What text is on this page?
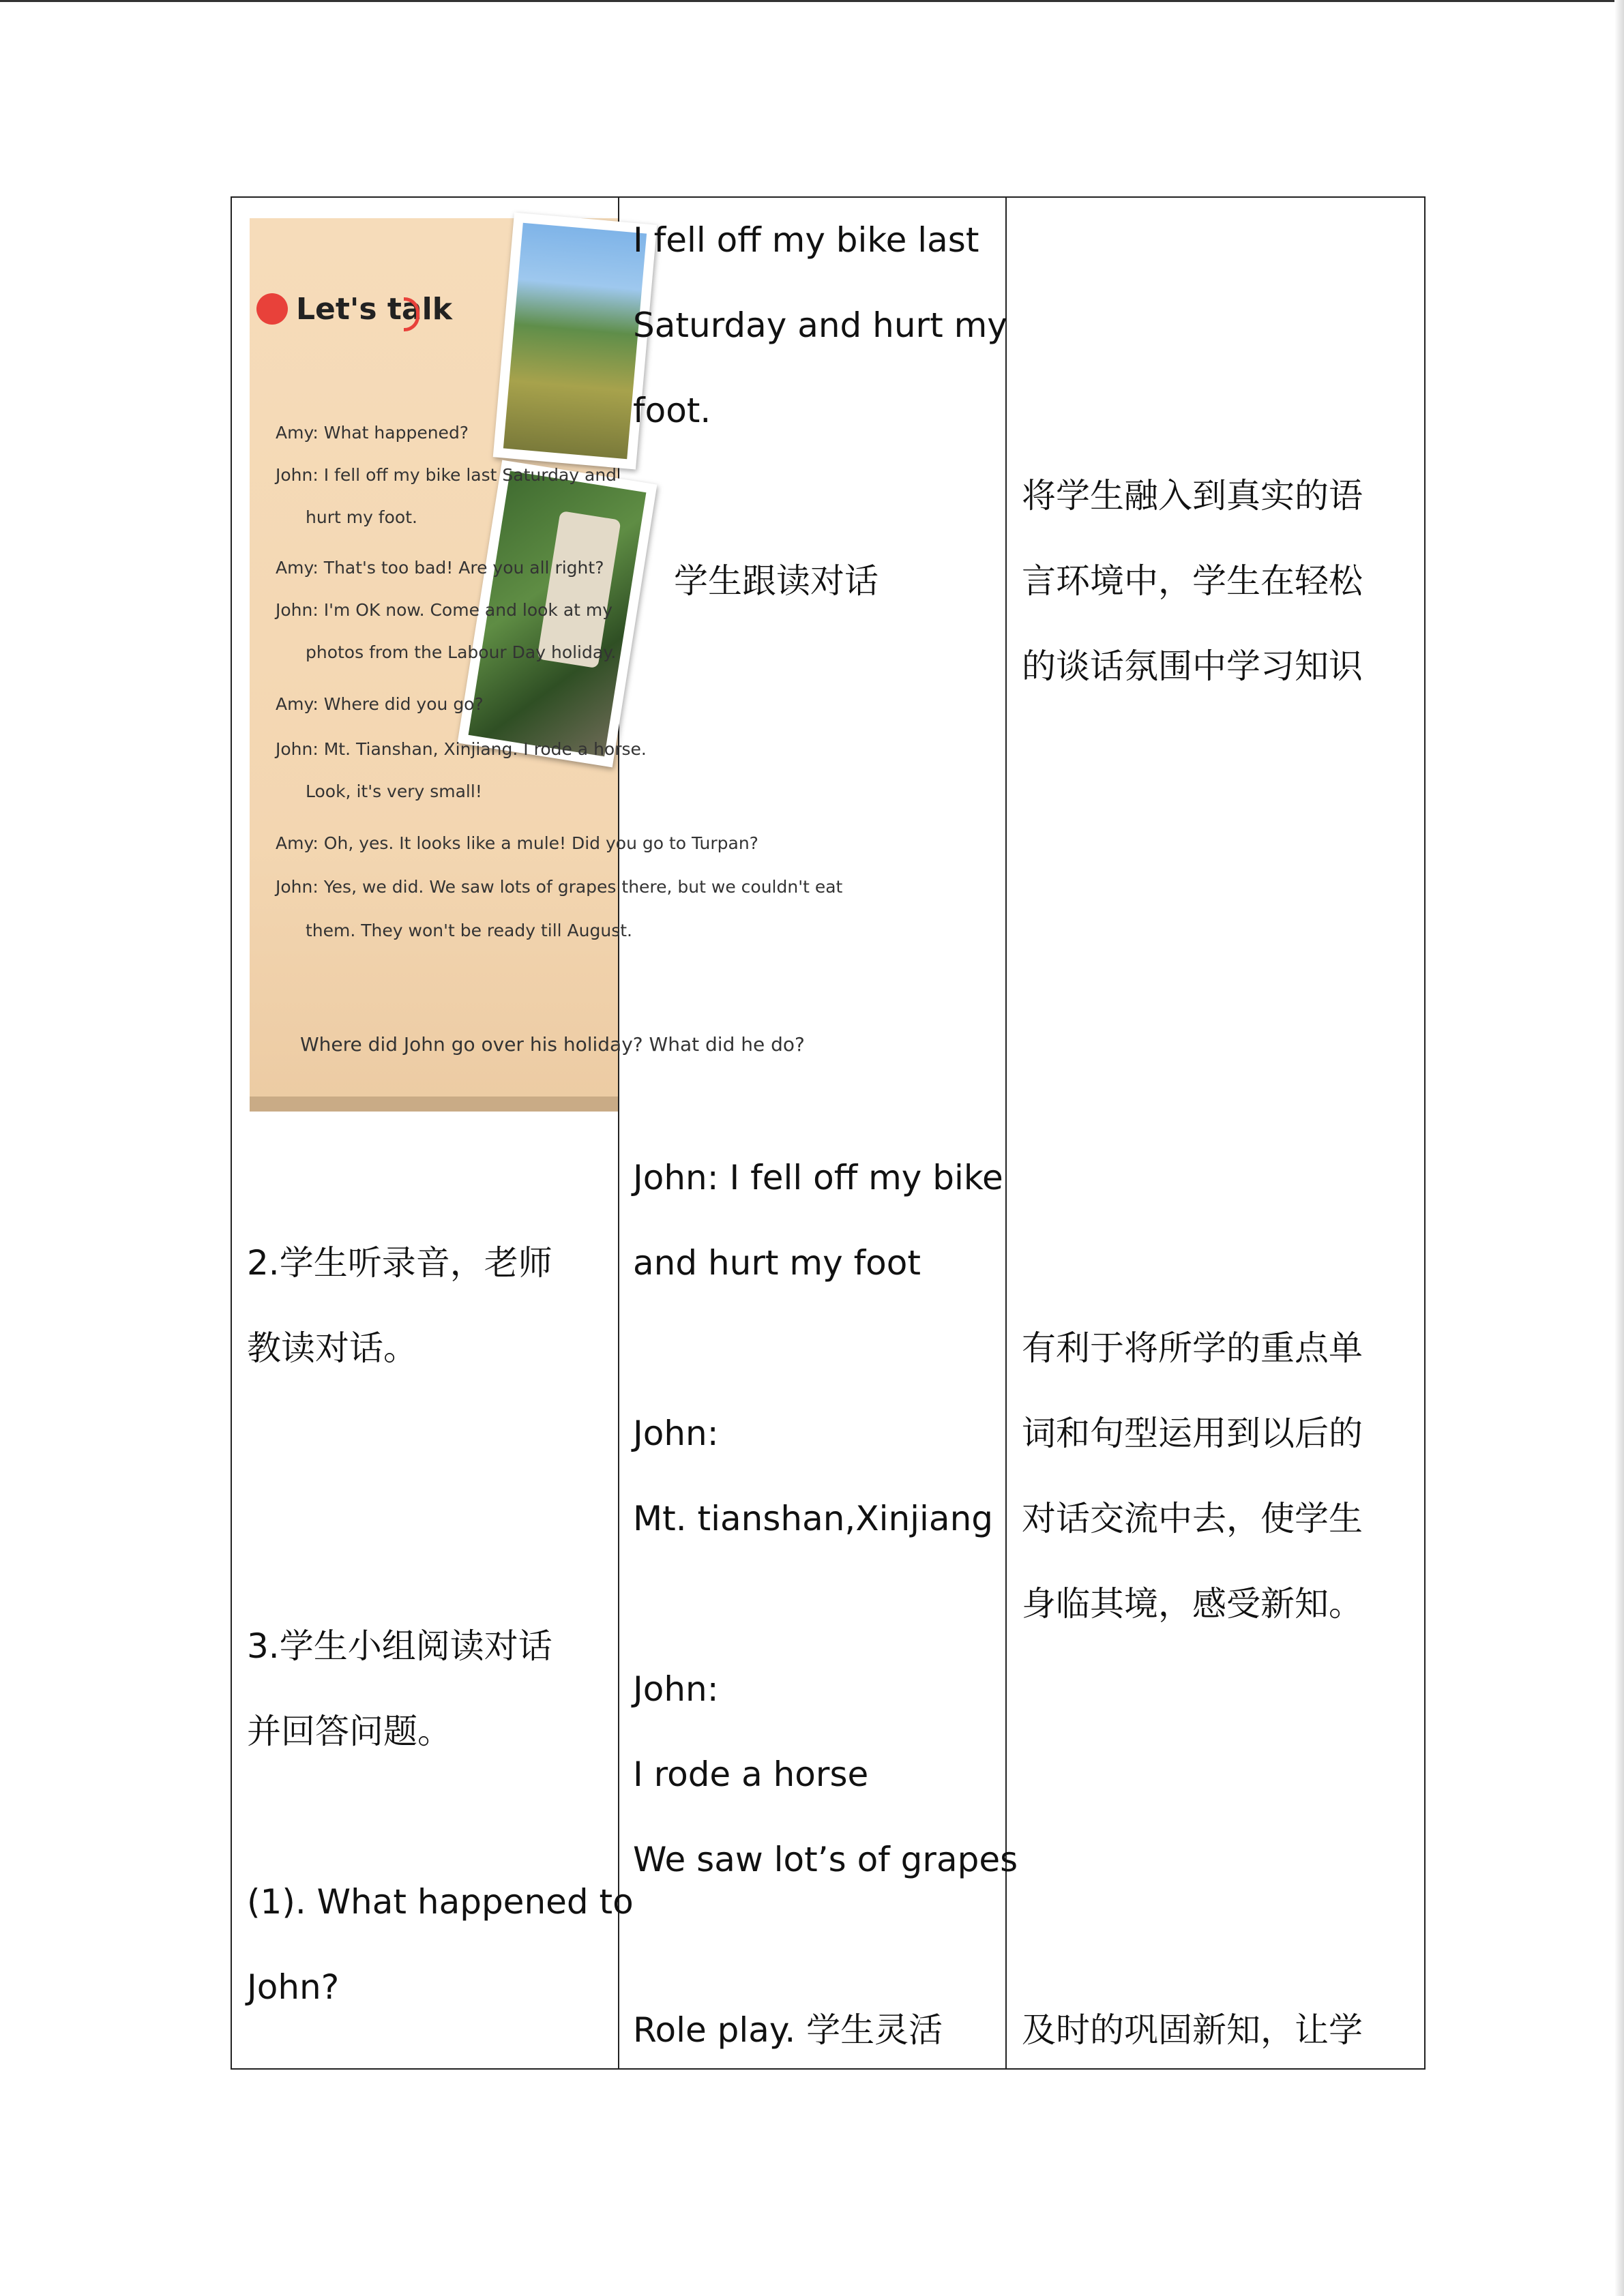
Let's talk
Amy: What happened?
John: I fell off my bike last Saturday and
hurt my foot.
Amy: That's too bad! Are you all right?
John: I'm OK now. Come and look at my
photos from the Labour Day holiday.
Amy: Where did you go?
John: Mt. Tianshan, Xinjiang. I rode a horse.
Look, it's very small!
Amy: Oh, yes. It looks like a mule! Did you go to Turpan?
John: Yes, we did. We saw lots of grapes there, but we couldn't eat
them. They won't be ready till August.
Where did John go over his holiday? What did he do?
2.学生听录音，老师
教读对话。
3.学生小组阅读对话
并回答问题。
(1). What happened to
John?
I fell off my bike last
Saturday and hurt my
foot.
学生跟读对话
John: I fell off my bike
and hurt my foot
John:
Mt. tianshan,Xinjiang
John:
I rode a horse
We saw lot’s of grapes
Role play. 学生灵活
将学生融入到真实的语
言环境中，学生在轻松
的谈话氛围中学习知识
有利于将所学的重点单
词和句型运用到以后的
对话交流中去，使学生
身临其境，感受新知。
及时的巩固新知，让学
